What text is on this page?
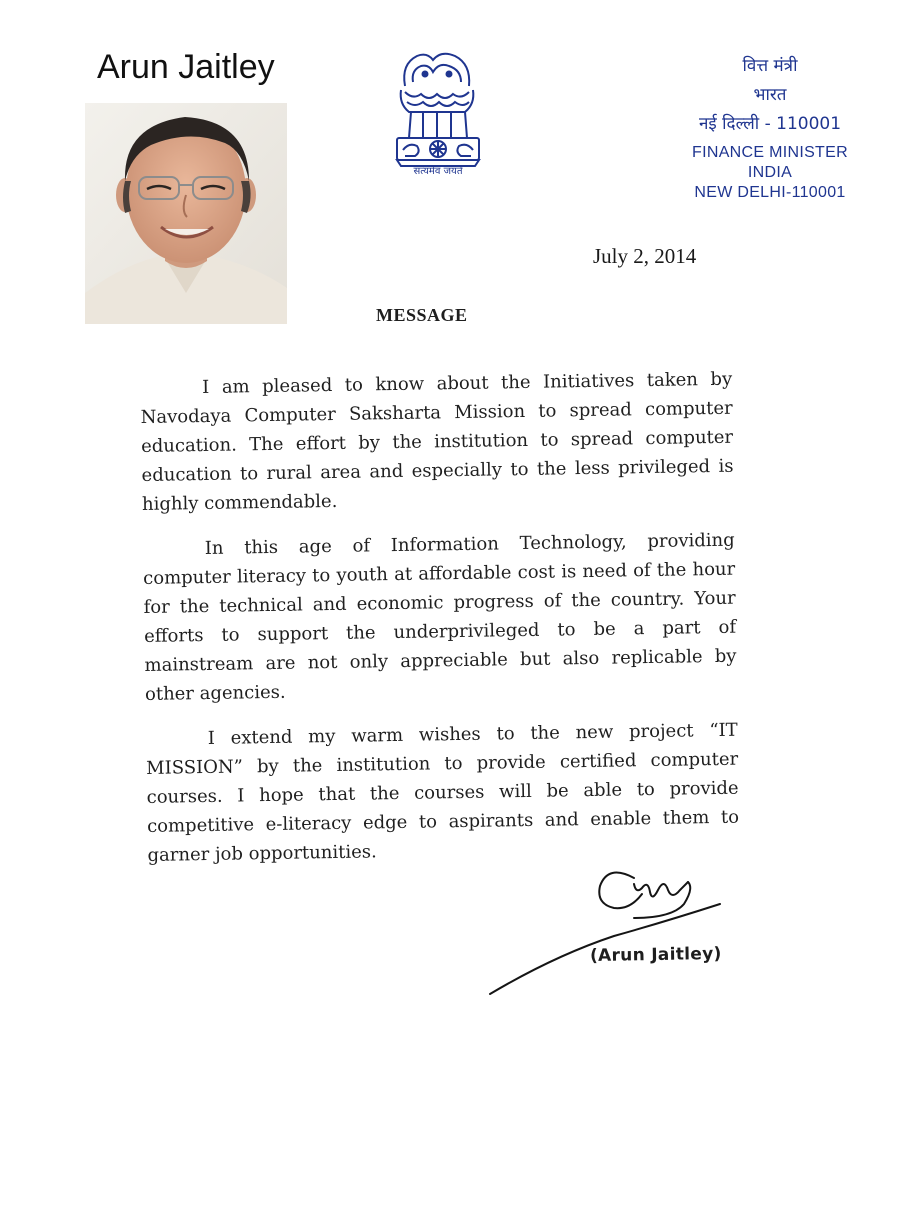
Arun Jaitley
सत्यमेव जयते
वित्त मंत्री
भारत
नई दिल्ली - 110001
FINANCE MINISTER
INDIA
NEW DELHI-110001
July 2, 2014
MESSAGE

I am pleased to know about the Initiatives taken by Navodaya Computer Saksharta Mission to spread computer education. The effort by the institution to spread computer education to rural area and especially to the less privileged is highly commendable.

In this age of Information Technology, providing computer literacy to youth at affordable cost is need of the hour for the technical and economic progress of the country. Your efforts to support the underprivileged to be a part of mainstream are not only appreciable but also replicable by other agencies.

I extend my warm wishes to the new project “IT MISSION” by the institution to provide certified computer courses. I hope that the courses will be able to provide competitive e-literacy edge to aspirants and enable them to garner job opportunities.

(Arun Jaitley)
